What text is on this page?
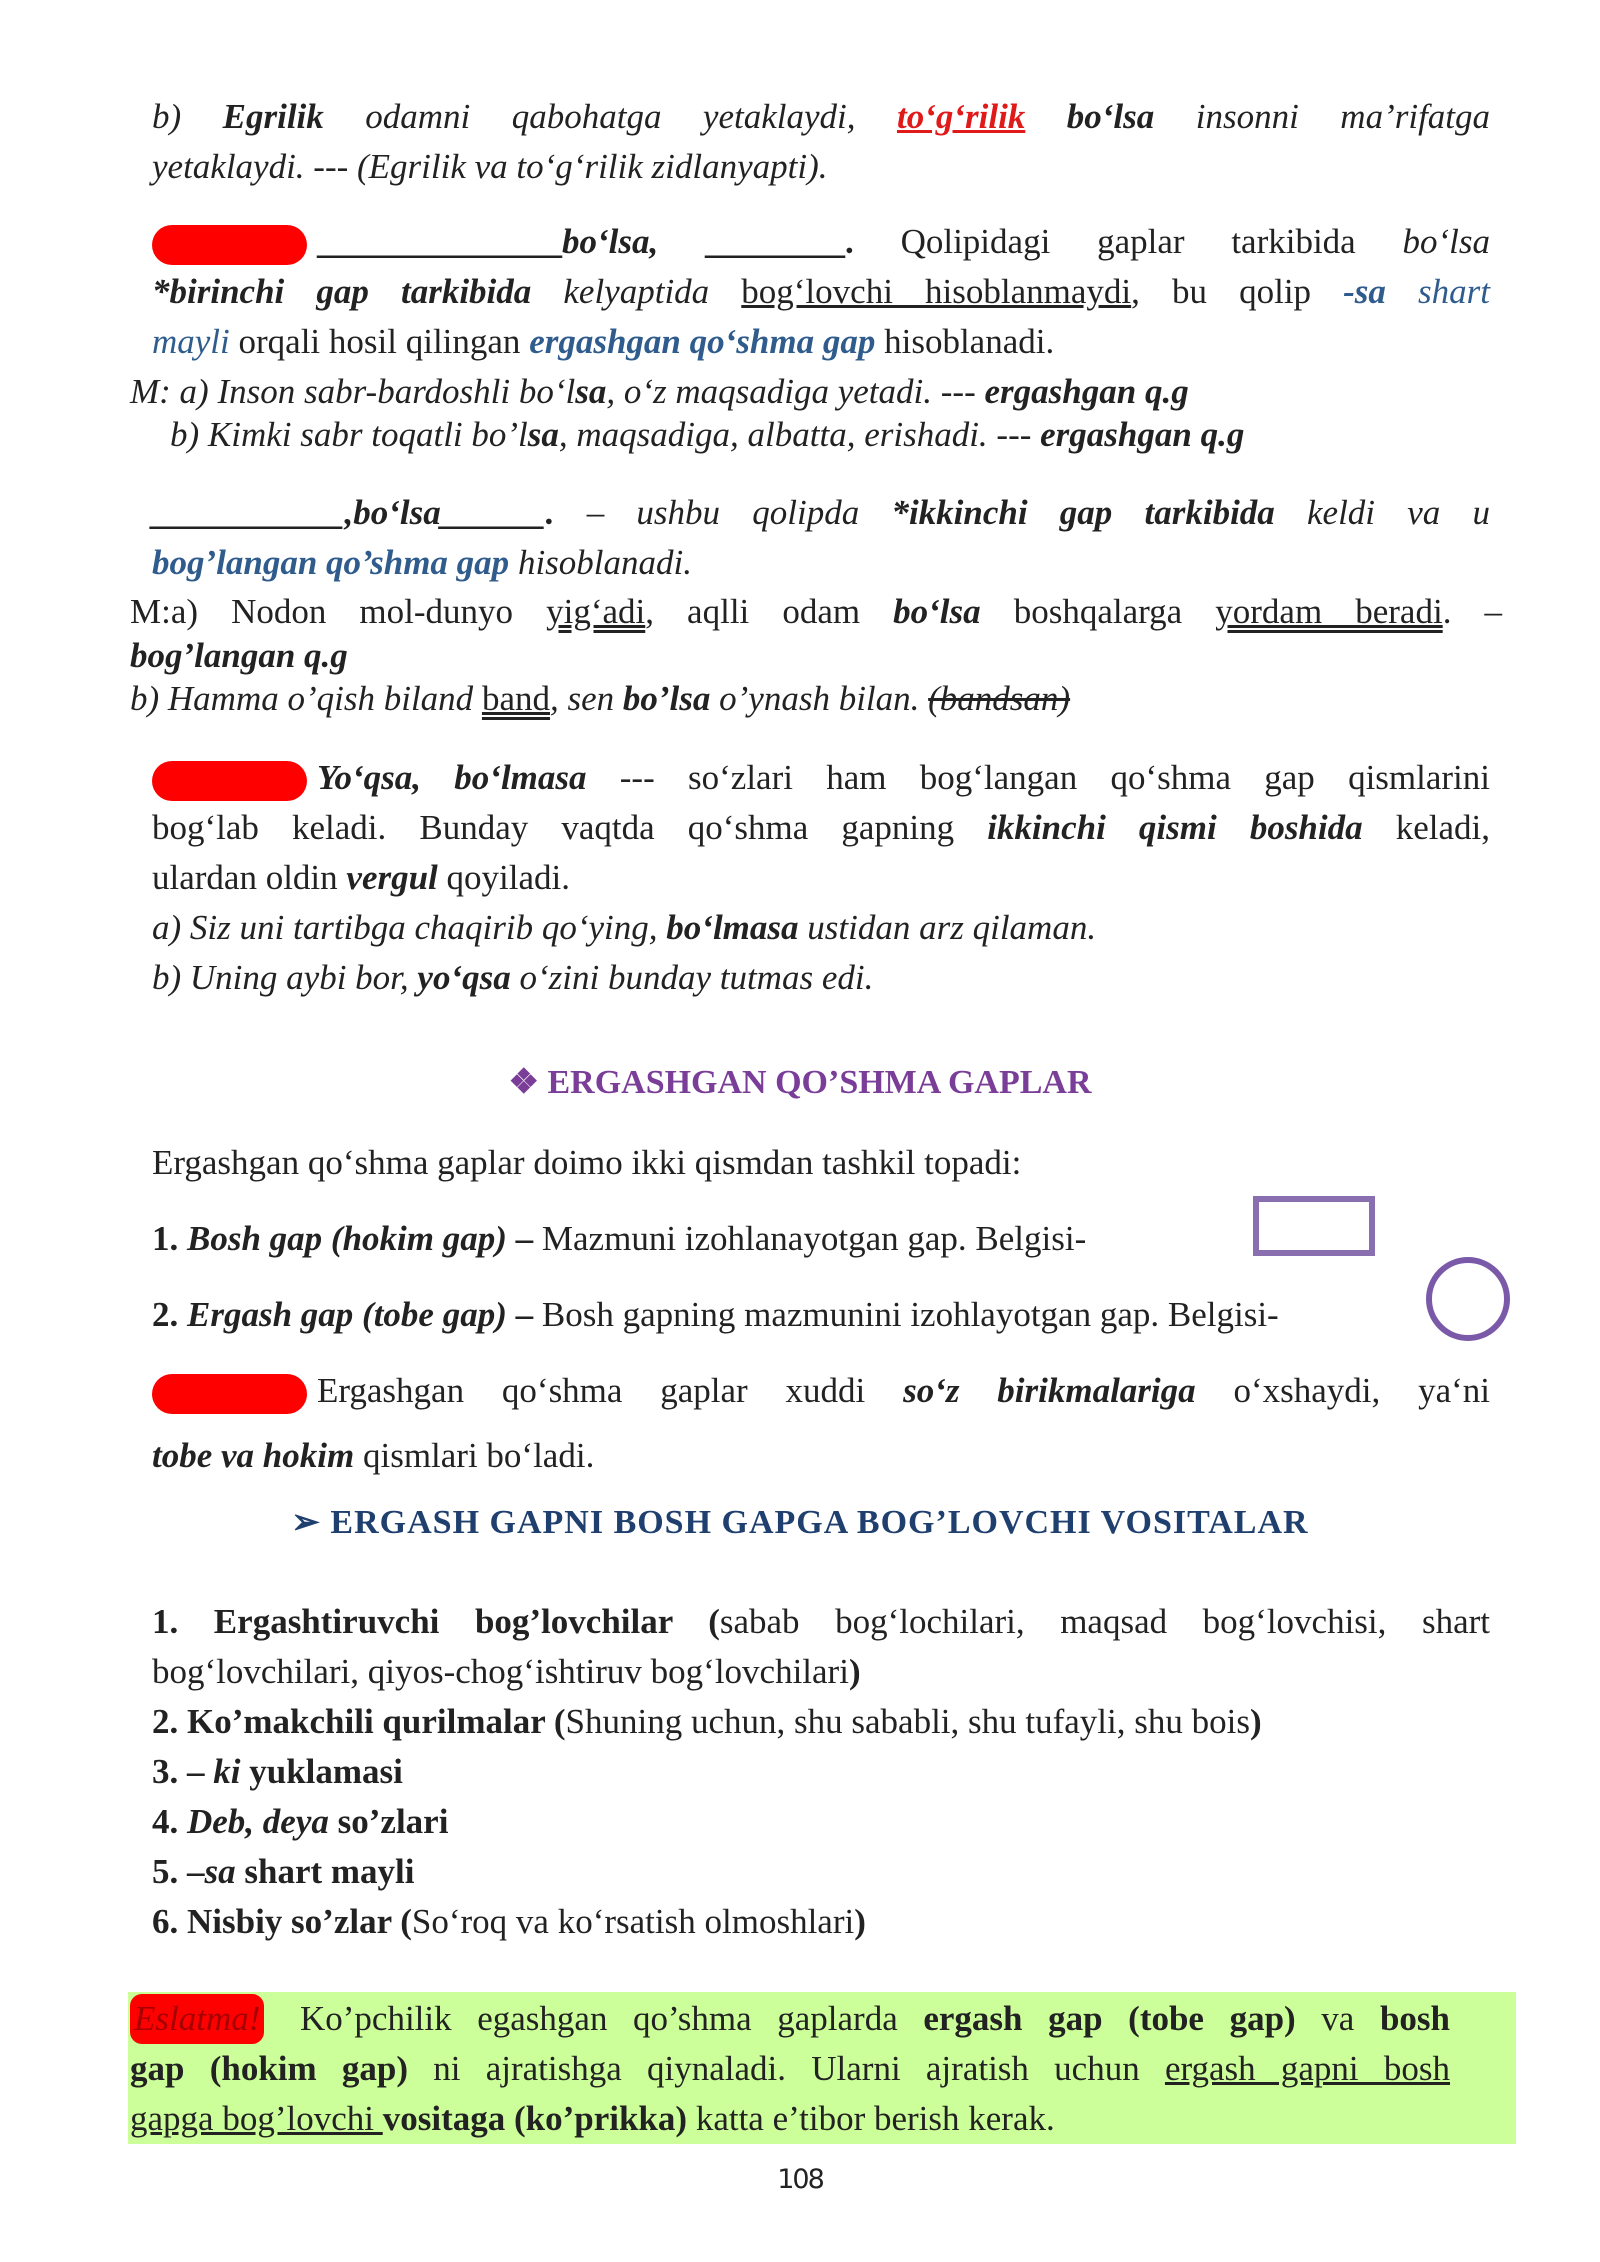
b) Egrilik odamni qabohatga yetaklaydi, to‘g‘rilik bo‘lsa insonni ma’rifatga
yetaklaydi. --- (Egrilik va to‘g‘rilik zidlanyapti).
______________bo‘lsa, ________. Qolipidagi gaplar tarkibida bo‘lsa
*birinchi gap tarkibida kelyaptida bog‘lovchi hisoblanmaydi, bu qolip -sa shart
mayli orqali hosil qilingan ergashgan qo‘shma gap hisoblanadi.
M: a) Inson sabr-bardoshli bo‘lsa, o‘z maqsadiga yetadi. --- ergashgan q.g
b) Kimki sabr toqatli bo’lsa, maqsadiga, albatta, erishadi. --- ergashgan q.g
___________,bo‘lsa______. – ushbu qolipda *ikkinchi gap tarkibida keldi va u
bog’langan qo’shma gap hisoblanadi.
M:a) Nodon mol-dunyo yig‘adi, aqlli odam bo‘lsa boshqalarga yordam beradi. –
bog’langan q.g
b) Hamma o’qish biland band, sen bo’lsa o’ynash bilan. (bandsan)
Yo‘qsa, bo‘lmasa --- so‘zlari ham bog‘langan qo‘shma gap qismlarini
bog‘lab keladi. Bunday vaqtda qo‘shma gapning ikkinchi qismi boshida keladi,
ulardan oldin vergul qoyiladi.
a) Siz uni tartibga chaqirib qo‘ying, bo‘lmasa ustidan arz qilaman.
b) Uning aybi bor, yo‘qsa o‘zini bunday tutmas edi.
❖ ERGASHGAN QO’SHMA GAPLAR
Ergashgan qo‘shma gaplar doimo ikki qismdan tashkil topadi:
1. Bosh gap (hokim gap) – Mazmuni izohlanayotgan gap. Belgisi-
2. Ergash gap (tobe gap) – Bosh gapning mazmunini izohlayotgan gap. Belgisi-
Ergashgan qo‘shma gaplar xuddi so‘z birikmalariga o‘xshaydi, ya‘ni
tobe va hokim qismlari bo‘ladi.
➢ ERGASH GAPNI BOSH GAPGA BOG’LOVCHI VOSITALAR
1. Ergashtiruvchi bog’lovchilar (sabab bog‘lochilari, maqsad bog‘lovchisi, shart
bog‘lovchilari, qiyos-chog‘ishtiruv bog‘lovchilari)
2. Ko’makchili qurilmalar (Shuning uchun, shu sababli, shu tufayli, shu bois)
3. – ki yuklamasi
4. Deb, deya so’zlari
5. –sa shart mayli
6. Nisbiy so’zlar (So‘roq va ko‘rsatish olmoshlari)
Eslatma! Ko’pchilik egashgan qo’shma gaplarda ergash gap (tobe gap) va bosh
gap (hokim gap) ni ajratishga qiynaladi. Ularni ajratish uchun ergash gapni bosh
gapga bog’lovchi vositaga (ko’prikka) katta e’tibor berish kerak.
108
